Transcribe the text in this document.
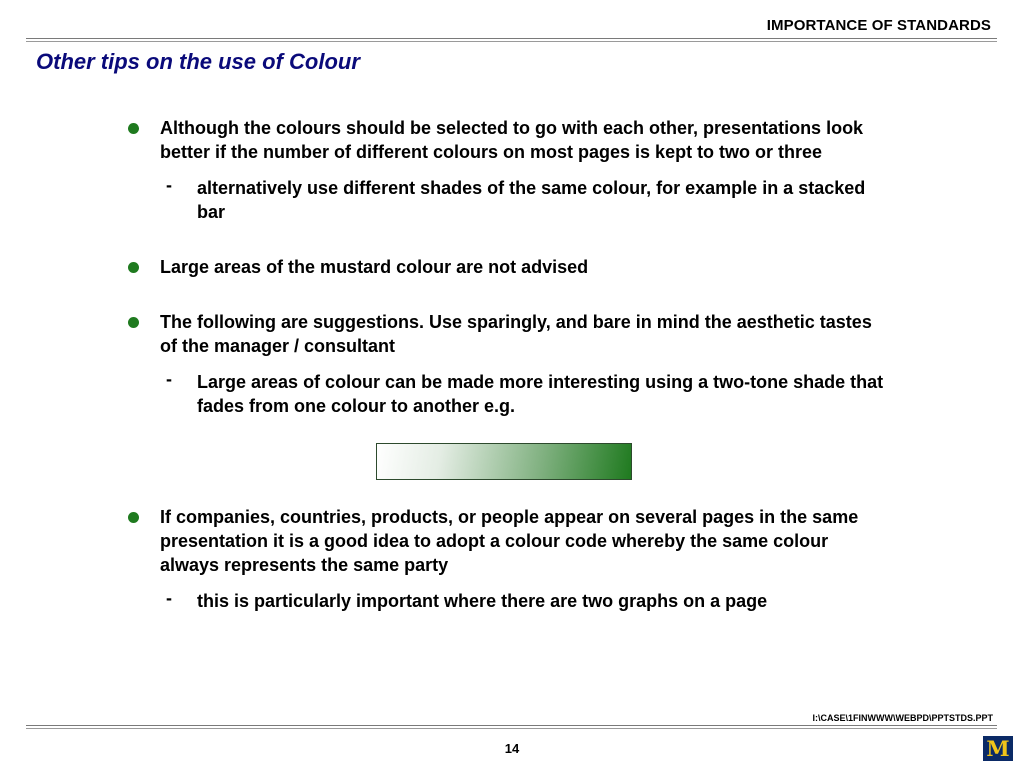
IMPORTANCE OF STANDARDS
Other tips on the use of Colour
Although the colours should be selected to go with each other, presentations look better if the number of different colours on most pages is kept to two or three
-	alternatively use different shades of the same colour, for example in a stacked bar
Large areas of the mustard colour are not advised
The following are suggestions. Use sparingly, and bare in mind the aesthetic tastes of the manager / consultant
-	Large areas of colour can be made more interesting using a two-tone shade that fades from one colour to another e.g.
If companies, countries, products, or people appear on several pages in the same presentation it is a good idea to adopt a colour code whereby the same colour always represents the same party
-	this is particularly important where there are two graphs on a page
I:\CASE\1FINWWW\WEBPD\PPTSTDS.PPT
14	M
